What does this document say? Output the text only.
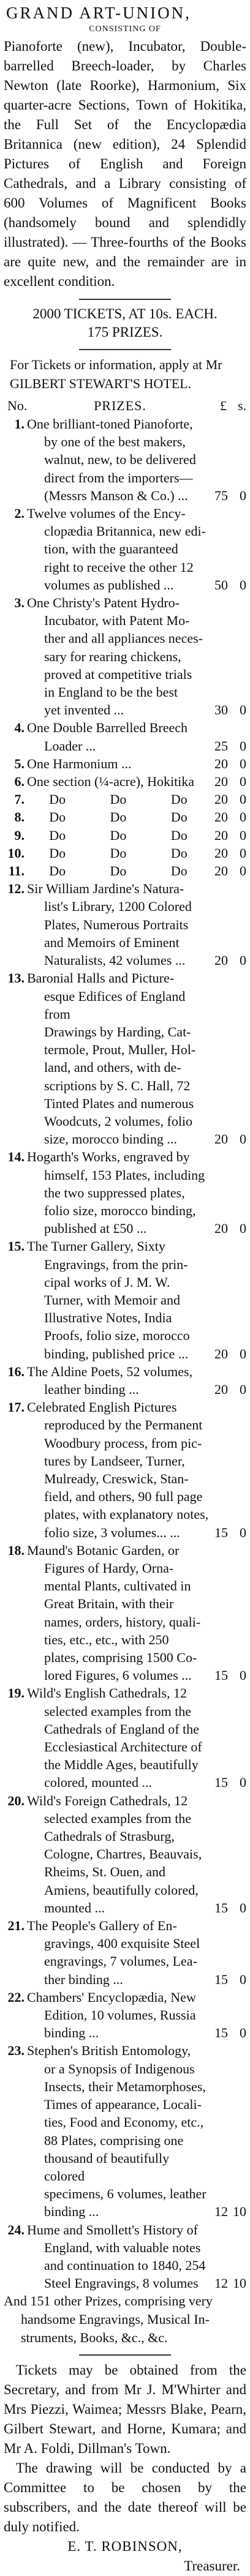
GRAND ART-UNION,
CONSISTING OF
Pianoforte (new), Incubator, Double-barrelled Breech-loader, by Charles Newton (late Roorke), Harmonium, Six quarter-acre Sections, Town of Hokitika, the Full Set of the Encyclopædia Britannica (new edition), 24 Splendid Pictures of English and Foreign Cathedrals, and a Library consisting of 600 Volumes of Magnificent Books (handsomely bound and splendidly illustrated). — Three-fourths of the Books are quite new, and the remainder are in excellent condition.
2000 TICKETS, AT 10s. EACH.
175 PRIZES.
For Tickets or information, apply at Mr
GILBERT STEWART'S HOTEL.
No.	PRIZES.	£ s.
1. One brilliant-toned Pianoforte,
by one of the best makers,
walnut, new, to be delivered
direct from the importers—
(Messrs Manson & Co.) ...	75 0
2. Twelve volumes of the Ency-
clopædia Britannica, new edi-
tion, with the guaranteed
right to receive the other 12
volumes as published ...	50 0
3. One Christy's Patent Hydro-
Incubator, with Patent Mo-
ther and all appliances neces-
sary for rearing chickens,
proved at competitive trials
in England to be the best
yet invented ...	30 0
4. One Double Barrelled Breech
Loader ...	25 0
5. One Harmonium ...	20 0
6. One section (¼-acre), Hokitika	20 0
7.	Do	Do	Do	20 0
8.	Do	Do	Do	20 0
9.	Do	Do	Do	20 0
10.	Do	Do	Do	20 0
11.	Do	Do	Do	20 0
12. Sir William Jardine's Natura-
list's Library, 1200 Colored
Plates, Numerous Portraits
and Memoirs of Eminent
Naturalists, 42 volumes ...	20 0
13. Baronial Halls and Picture-
esque Edifices of England from
Drawings by Harding, Cat-
termole, Prout, Muller, Hol-
land, and others, with de-
scriptions by S. C. Hall, 72
Tinted Plates and numerous
Woodcuts, 2 volumes, folio
size, morocco binding ...	20 0
14. Hogarth's Works, engraved by
himself, 153 Plates, including
the two suppressed plates,
folio size, morocco binding,
published at £50 ...	20 0
15. The Turner Gallery, Sixty
Engravings, from the prin-
cipal works of J. M. W.
Turner, with Memoir and
Illustrative Notes, India
Proofs, folio size, morocco
binding, published price ...	20 0
16. The Aldine Poets, 52 volumes,
leather binding ...	20 0
17. Celebrated English Pictures
reproduced by the Permanent
Woodbury process, from pic-
tures by Landseer, Turner,
Mulready, Creswick, Stan-
field, and others, 90 full page
plates, with explanatory notes,
folio size, 3 volumes... ...	15 0
18. Maund's Botanic Garden, or
Figures of Hardy, Orna-
mental Plants, cultivated in
Great Britain, with their
names, orders, history, quali-
ties, etc., etc., with 250
plates, comprising 1500 Co-
lored Figures, 6 volumes ...	15 0
19. Wild's English Cathedrals, 12
selected examples from the
Cathedrals of England of the
Ecclesiastical Architecture of
the Middle Ages, beautifully
colored, mounted ...	15 0
20. Wild's Foreign Cathedrals, 12
selected examples from the
Cathedrals of Strasburg,
Cologne, Chartres, Beauvais,
Rheims, St. Ouen, and
Amiens, beautifully colored,
mounted ...	15 0
21. The People's Gallery of En-
gravings, 400 exquisite Steel
engravings, 7 volumes, Lea-
ther binding ...	15 0
22. Chambers' Encyclopædia, New
Edition, 10 volumes, Russia
binding ...	15 0
23. Stephen's British Entomology,
or a Synopsis of Indigenous
Insects, their Metamorphoses,
Times of appearance, Locali-
ties, Food and Economy, etc.,
88 Plates, comprising one
thousand of beautifully colored
specimens, 6 volumes, leather
binding ...	12 10
24. Hume and Smollett's History of
England, with valuable notes
and continuation to 1840, 254
Steel Engravings, 8 volumes	12 10
And 151 other Prizes, comprising very
handsome Engravings, Musical In-
struments, Books, &c., &c.

Tickets may be obtained from the Secretary, and from Mr J. M'Whirter and Mrs Piezzi, Waimea; Messrs Blake, Pearn, Gilbert Stewart, and Horne, Kumara; and Mr A. Foldi, Dillman's Town.

The drawing will be conducted by a Committee to be chosen by the subscribers, and the date thereof will be duly notified.

E. T. ROBINSON,
Treasurer.
